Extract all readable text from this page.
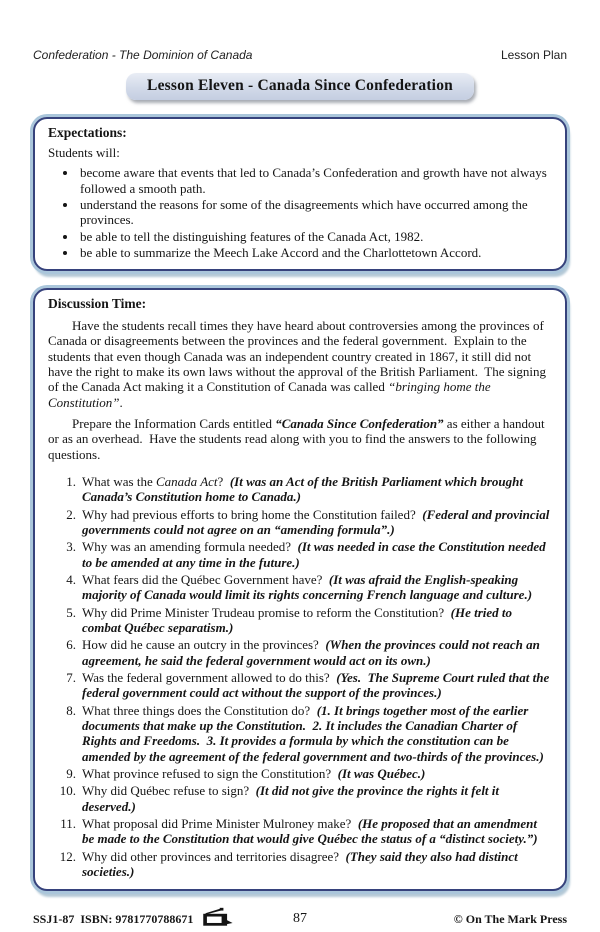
Confederation - The Dominion of Canada	Lesson Plan
Lesson Eleven - Canada Since Confederation
Expectations:
Students will:
• become aware that events that led to Canada’s Confederation and growth have not always followed a smooth path.
• understand the reasons for some of the disagreements which have occurred among the provinces.
• be able to tell the distinguishing features of the Canada Act, 1982.
• be able to summarize the Meech Lake Accord and the Charlottetown Accord.
Discussion Time:

Have the students recall times they have heard about controversies among the provinces of Canada or disagreements between the provinces and the federal government.  Explain to the students that even though Canada was an independent country created in 1867, it still did not have the right to make its own laws without the approval of the British Parliament.  The signing of the Canada Act making it a Constitution of Canada was called “bringing home the Constitution”.

Prepare the Information Cards entitled “Canada Since Confederation” as either a handout or as an overhead.  Have the students read along with you to find the answers to the following questions.

1. What was the Canada Act? (It was an Act of the British Parliament which brought Canada’s Constitution home to Canada.)
2. Why had previous efforts to bring home the Constitution failed? (Federal and provincial governments could not agree on an “amending formula”.)
3. Why was an amending formula needed? (It was needed in case the Constitution needed to be amended at any time in the future.)
4. What fears did the Québec Government have? (It was afraid the English-speaking majority of Canada would limit its rights concerning French language and culture.)
5. Why did Prime Minister Trudeau promise to reform the Constitution? (He tried to combat Québec separatism.)
6. How did he cause an outcry in the provinces? (When the provinces could not reach an agreement, he said the federal government would act on its own.)
7. Was the federal government allowed to do this? (Yes.  The Supreme Court ruled that the federal government could act without the support of the provinces.)
8. What three things does the Constitution do? (1. It brings together most of the earlier documents that make up the Constitution.  2. It includes the Canadian Charter of Rights and Freedoms.  3. It provides a formula by which the constitution can be amended by the agreement of the federal government and two-thirds of the provinces.)
9. What province refused to sign the Constitution? (It was Québec.)
10. Why did Québec refuse to sign? (It did not give the province the rights it felt it deserved.)
11. What proposal did Prime Minister Mulroney make? (He proposed that an amendment be made to the Constitution that would give Québec the status of a “distinct society.”)
12. Why did other provinces and territories disagree? (They said they also had distinct societies.)
SSJ1-87  ISBN: 9781770788671	87	© On The Mark Press
